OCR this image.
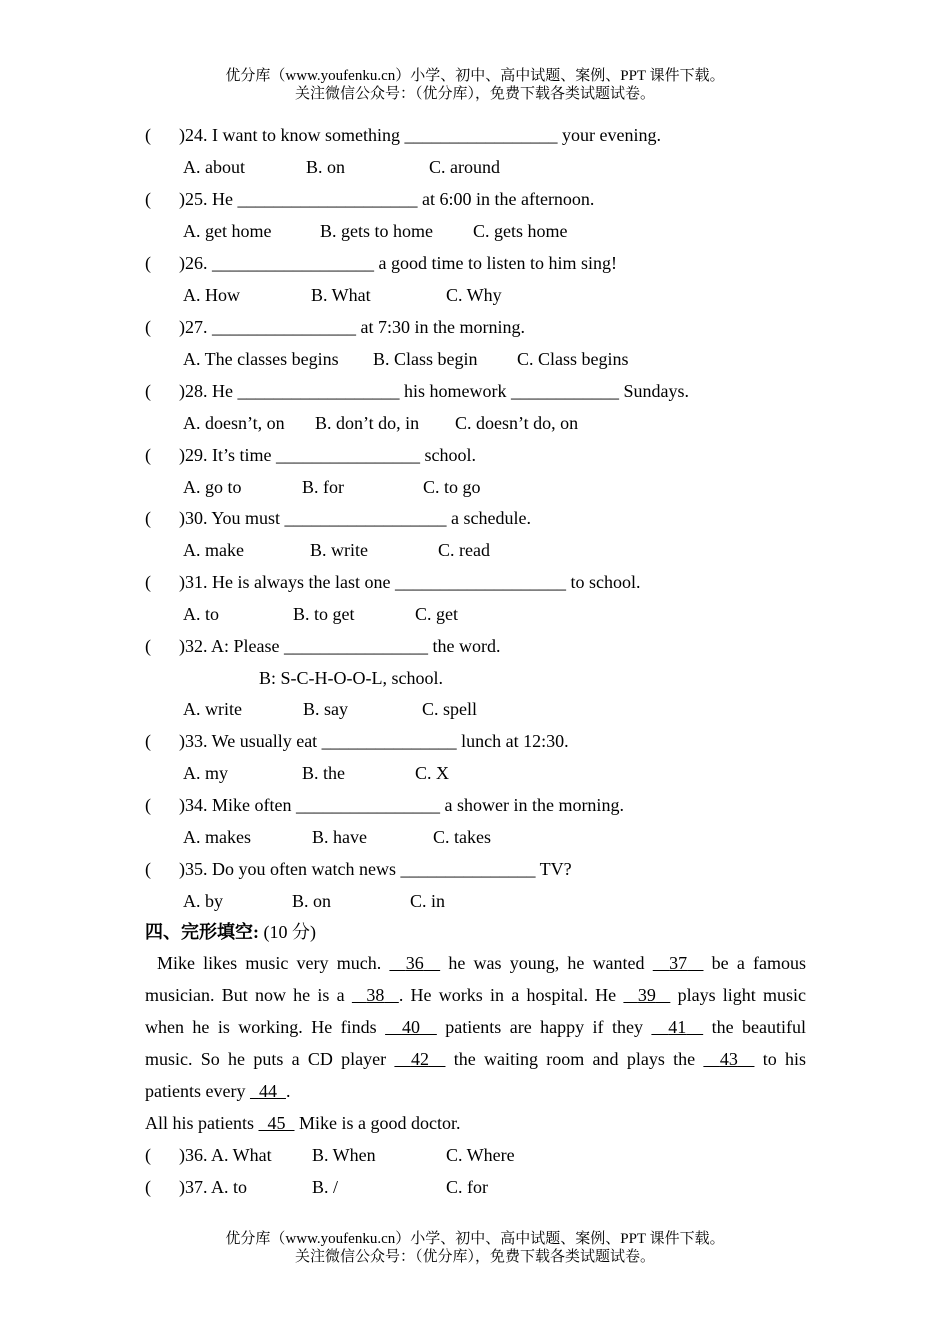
优分库（www.youfenku.cn）小学、初中、高中试题、案例、PPT 课件下载。
关注微信公众号：（优分库），免费下载各类试题试卷。
( )24. I want to know something _________________ your evening.
A. about	B. on	C. around
( )25. He ____________________ at 6:00 in the afternoon.
A. get home	B. gets to home C. gets home
( )26. __________________ a good time to listen to him sing!
A. How	B. What	C. Why
( )27. ________________ at 7:30 in the morning.
A. The classes begins B. Class begin C. Class begins
( )28. He __________________ his homework ____________ Sundays.
A. doesn’t, on B. don’t do, in C. doesn’t do, on
( )29. It’s time ________________ school.
A. go to	B. for	C. to go
( )30. You must __________________ a schedule.
A. make	B. write	C. read
( )31. He is always the last one ___________________ to school.
A. to	B. to get	C. get
( )32. A: Please ________________ the word.
B: S-C-H-O-O-L, school.
A. write	B. say	C. spell
( )33. We usually eat _______________ lunch at 12:30.
A. my	B. the	C. X
( )34. Mike often ________________ a shower in the morning.
A. makes	B. have	C. takes
( )35. Do you often watch news _______________ TV?
A. by	B. on	C. in
四、完形填空: (10 分)
Mike likes music very much. 36 he was young, he wanted 37 be a famous
musician. But now he is a 38 . He works in a hospital. He 39 plays light music
when he is working. He finds 40 patients are happy if they 41 the beautiful
music. So he puts a CD player 42 the waiting room and plays the 43 to his
patients every 44 .
All his patients 45 Mike is a good doctor.
( )36. A. What B. When	C. Where
( )37. A. to	B. /	C. for
优分库（www.youfenku.cn）小学、初中、高中试题、案例、PPT 课件下载。
关注微信公众号：（优分库），免费下载各类试题试卷。
